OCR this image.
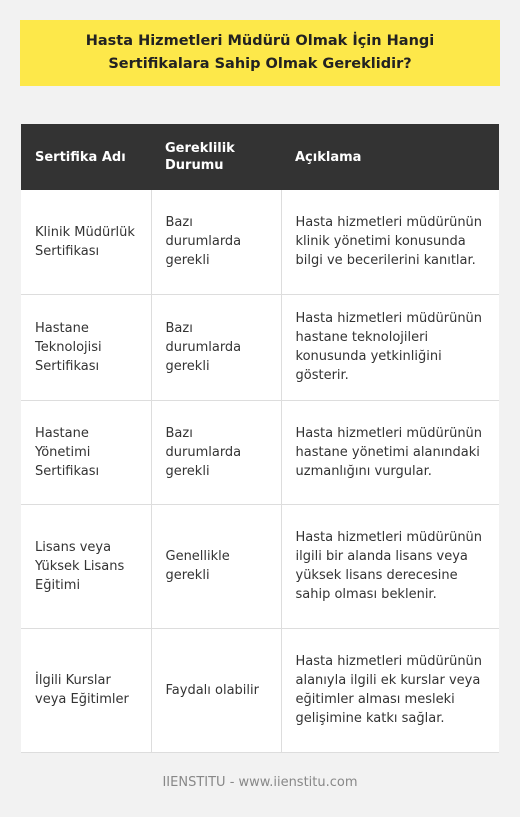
Hasta Hizmetleri Müdürü Olmak İçin Hangi Sertifikalara Sahip Olmak Gereklidir?
Sertifika Adı	Gereklilik Durumu	Açıklama
Klinik Müdürlük Sertifikası	Bazı durumlarda gerekli	Hasta hizmetleri müdürünün klinik yönetimi konusunda bilgi ve becerilerini kanıtlar.
Hastane Teknolojisi Sertifikası	Bazı durumlarda gerekli	Hasta hizmetleri müdürünün hastane teknolojileri konusunda yetkinliğini gösterir.
Hastane Yönetimi Sertifikası	Bazı durumlarda gerekli	Hasta hizmetleri müdürünün hastane yönetimi alanındaki uzmanlığını vurgular.
Lisans veya Yüksek Lisans Eğitimi	Genellikle gerekli	Hasta hizmetleri müdürünün ilgili bir alanda lisans veya yüksek lisans derecesine sahip olması beklenir.
İlgili Kurslar veya Eğitimler	Faydalı olabilir	Hasta hizmetleri müdürünün alanıyla ilgili ek kurslar veya eğitimler alması mesleki gelişimine katkı sağlar.
IIENSTITU - www.iienstitu.com
